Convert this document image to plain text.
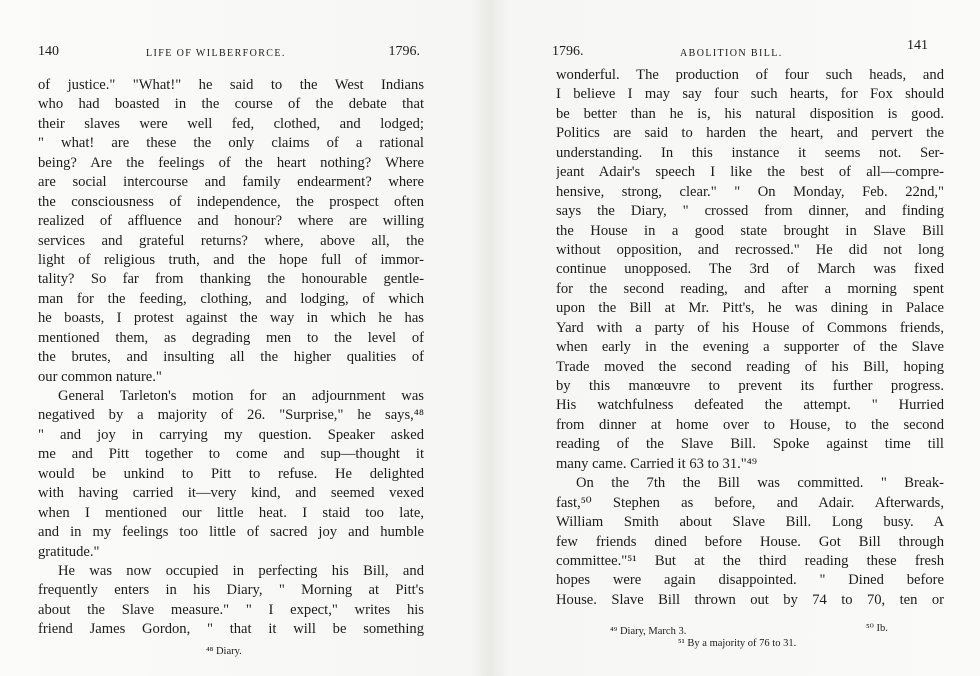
140	LIFE OF WILBERFORCE.	1796.
of justice." "What!" he said to the West Indians
who had boasted in the course of the debate that
their slaves were well fed, clothed, and lodged;
" what! are these the only claims of a rational
being? Are the feelings of the heart nothing? Where
are social intercourse and family endearment? where
the consciousness of independence, the prospect often
realized of affluence and honour? where are willing
services and grateful returns? where, above all, the
light of religious truth, and the hope full of immor-
tality? So far from thanking the honourable gentle-
man for the feeding, clothing, and lodging, of which
he boasts, I protest against the way in which he has
mentioned them, as degrading men to the level of
the brutes, and insulting all the higher qualities of
our common nature."
General Tarleton's motion for an adjournment was
negatived by a majority of 26. "Surprise," he says,⁴⁸
" and joy in carrying my question. Speaker asked
me and Pitt together to come and sup—thought it
would be unkind to Pitt to refuse. He delighted
with having carried it—very kind, and seemed vexed
when I mentioned our little heat. I staid too late,
and in my feelings too little of sacred joy and humble
gratitude."
He was now occupied in perfecting his Bill, and
frequently enters in his Diary, " Morning at Pitt's
about the Slave measure." " I expect," writes his
friend James Gordon, " that it will be something
⁴⁸ Diary.
1796.	ABOLITION BILL.
141
wonderful. The production of four such heads, and
I believe I may say four such hearts, for Fox should
be better than he is, his natural disposition is good.
Politics are said to harden the heart, and pervert the
understanding. In this instance it seems not. Ser-
jeant Adair's speech I like the best of all—compre-
hensive, strong, clear." " On Monday, Feb. 22nd,"
says the Diary, " crossed from dinner, and finding
the House in a good state brought in Slave Bill
without opposition, and recrossed." He did not long
continue unopposed. The 3rd of March was fixed
for the second reading, and after a morning spent
upon the Bill at Mr. Pitt's, he was dining in Palace
Yard with a party of his House of Commons friends,
when early in the evening a supporter of the Slave
Trade moved the second reading of his Bill, hoping
by this manœuvre to prevent its further progress.
His watchfulness defeated the attempt. " Hurried
from dinner at home over to House, to the second
reading of the Slave Bill. Spoke against time till
many came. Carried it 63 to 31."⁴⁹
On the 7th the Bill was committed. " Break-
fast,⁵⁰ Stephen as before, and Adair. Afterwards,
William Smith about Slave Bill. Long busy. A
few friends dined before House. Got Bill through
committee."⁵¹ But at the third reading these fresh
hopes were again disappointed. " Dined before
House. Slave Bill thrown out by 74 to 70, ten or
⁴⁹ Diary, March 3.	⁵⁰ Ib.
⁵¹ By a majority of 76 to 31.
